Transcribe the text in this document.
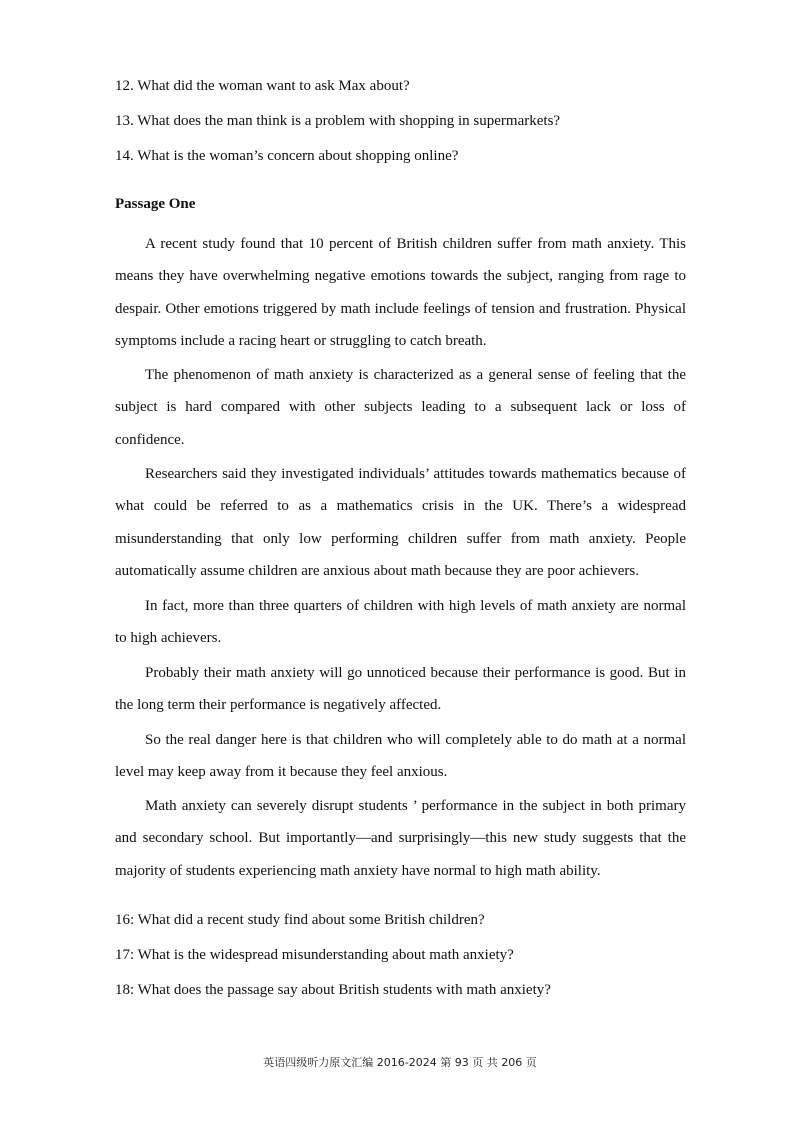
12. What did the woman want to ask Max about?

13. What does the man think is a problem with shopping in supermarkets?

14. What is the woman’s concern about shopping online?

Passage One

A recent study found that 10 percent of British children suffer from math anxiety. This means they have overwhelming negative emotions towards the subject, ranging from rage to despair. Other emotions triggered by math include feelings of tension and frustration. Physical symptoms include a racing heart or struggling to catch breath.

The phenomenon of math anxiety is characterized as a general sense of feeling that the subject is hard compared with other subjects leading to a subsequent lack or loss of confidence.

Researchers said they investigated individuals’ attitudes towards mathematics because of what could be referred to as a mathematics crisis in the UK. There’s a widespread misunderstanding that only low performing children suffer from math anxiety. People automatically assume children are anxious about math because they are poor achievers.

In fact, more than three quarters of children with high levels of math anxiety are normal to high achievers.

Probably their math anxiety will go unnoticed because their performance is good. But in the long term their performance is negatively affected.

So the real danger here is that children who will completely able to do math at a normal level may keep away from it because they feel anxious.

Math anxiety can severely disrupt students ’ performance in the subject in both primary and secondary school. But importantly—and surprisingly—this new study suggests that the majority of students experiencing math anxiety have normal to high math ability.

16: What did a recent study find about some British children?

17: What is the widespread misunderstanding about math anxiety?

18: What does the passage say about British students with math anxiety?

英语四级听力原文汇编 2016-2024 第 93 页 共 206 页
